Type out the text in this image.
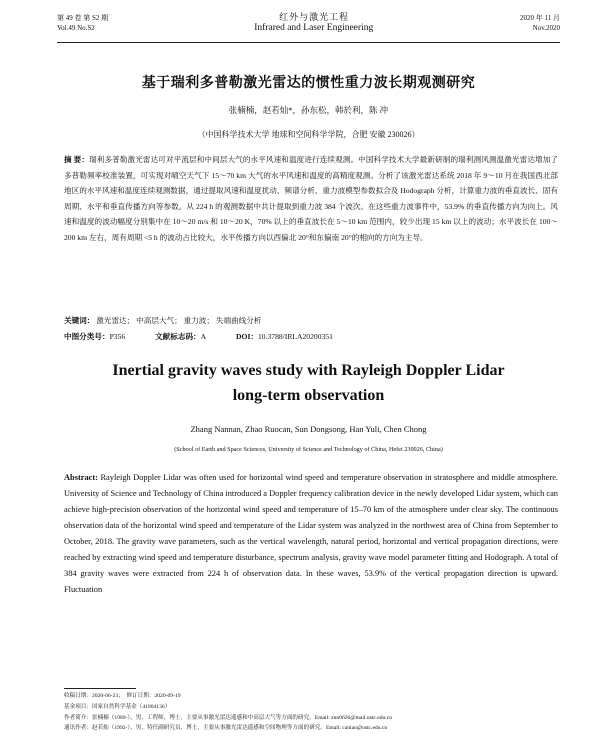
第 49 卷 第 S2 期	红外与激光工程	2020 年 11 月
Vol.49 No.S2	Infrared and Laser Engineering	Nov.2020
基于瑞利多普勒激光雷达的惯性重力波长期观测研究
张楠楠，赵若灿*，孙东松，韩於利，陈 冲
（中国科学技术大学 地球和空间科学学院，合肥 安徽 230026）
摘 要：瑞利多普勒激光雷达可对平流层和中间层大气的水平风速和温度进行连续观测。中国科学技术大学最新研制的瑞利测风测温激光雷达增加了多普勒频率校准装置，可实现对晴空天气下 15～70 km 大气的水平风速和温度的高精度观测。分析了该激光雷达系统 2018 年 9～10 月在我国西北部地区的水平风速和温度连续观测数据，通过提取风速和温度扰动、频谱分析、重力波模型参数拟合及 Hodograph 分析，计算重力波的垂直波长、固有周期、水平和垂直传播方向等参数。从 224 h 的观测数据中共计提取到重力波 384 个波次。在这些重力波事件中，53.9% 的垂直传播方向为向上。风速和温度的波动幅度分别集中在 10～20 m/s 和 10～20 K，70% 以上的垂直波长在 5～10 km 范围内，较少出现 15 km 以上的波动；水平波长在 100～200 km 左右，周有周期 <5 h 的波动占比较大，水平传播方向以西偏北 20°和东偏南 20°的相向的方向为主导。
关键词： 激光雷达； 中高层大气； 重力波； 失端曲线分析
中图分类号：P356	文献标志码：A	DOI：10.3788/IRLA20200351
Inertial gravity waves study with Rayleigh Doppler Lidar
long-term observation
Zhang Nannan, Zhao Ruocan, Sun Dongsong, Han Yuli, Chen Chong
(School of Earth and Space Sciences, University of Science and Technology of China, Hefei 230026, China)
Abstract: Rayleigh Doppler Lidar was often used for horizontal wind speed and temperature observation in stratosphere and middle atmosphere. University of Science and Technology of China introduced a Doppler frequency calibration device in the newly developed Lidar system, which can achieve high-precision observation of the horizontal wind speed and temperature of 15–70 km of the atmosphere under clear sky. The continuous observation data of the horizontal wind speed and temperature of the Lidar system was analyzed in the northwest area of China from September to October, 2018. The gravity wave parameters, such as the vertical wavelength, natural period, horizontal and vertical propagation directions, were reached by extracting wind speed and temperature disturbance, spectrum analysis, gravity wave model parameter fitting and Hodograph. A total of 384 gravity waves were extracted from 224 h of observation data. In these waves, 53.9% of the vertical propagation direction is upward. Fluctuation
收稿日期：2020-06-23；　修订日期：2020-09-19
基金项目：国家自然科学基金（41904136）
作者简介：张楠楠（1989-），男，工程师，博士，主要从事激光雷达遥感和中高层大气等方面的研究。Email: znn0626@mail.ustc.edu.cn
通讯作者：赵若灿（1992-），男，特任副研究员，博士，主要从事激光雷达遥感和空间物理等方面的研究。Email: canlan@ustc.edu.cn
